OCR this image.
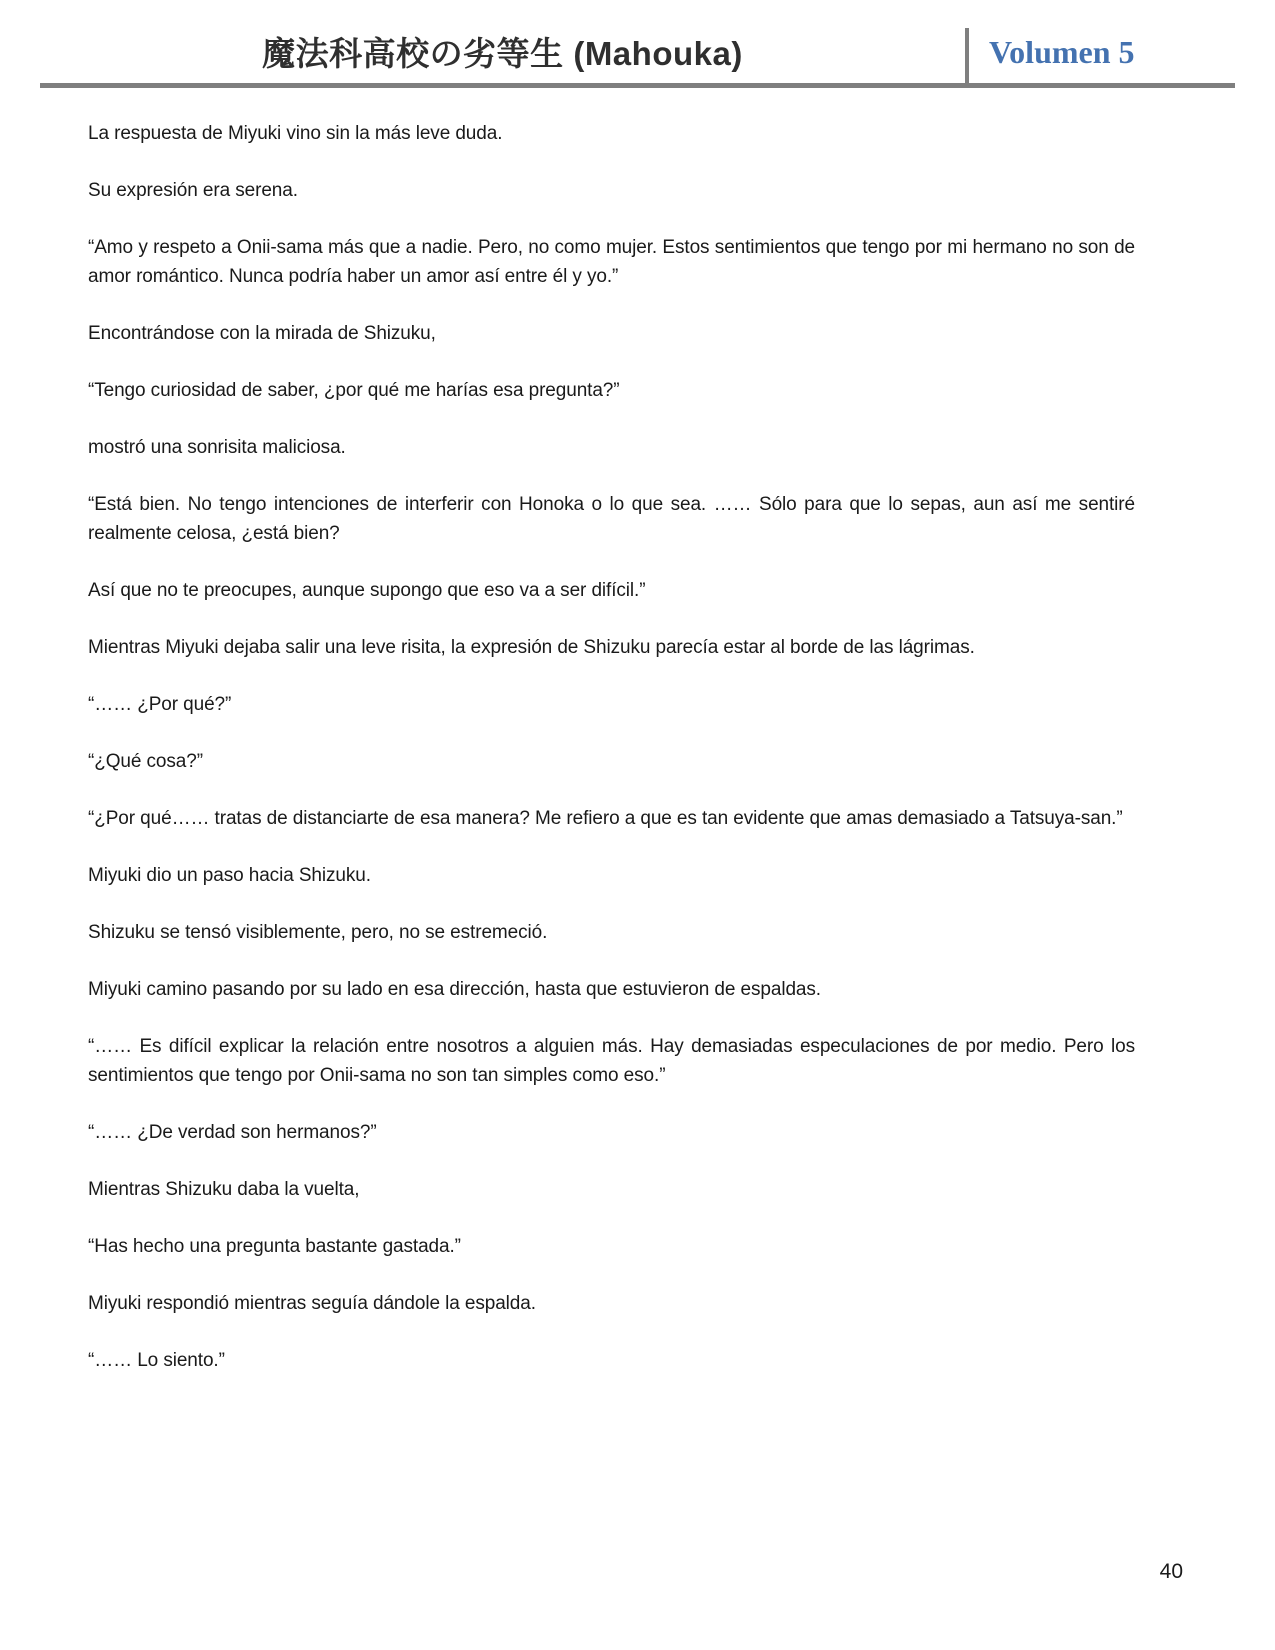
魔法科高校の劣等生 (Mahouka)	Volumen 5

La respuesta de Miyuki vino sin la más leve duda.

Su expresión era serena.

“Amo y respeto a Onii-sama más que a nadie. Pero, no como mujer. Estos sentimientos que tengo por mi hermano no son de amor romántico. Nunca podría haber un amor así entre él y yo.”

Encontrándose con la mirada de Shizuku,

“Tengo curiosidad de saber, ¿por qué me harías esa pregunta?”

mostró una sonrisita maliciosa.

“Está bien. No tengo intenciones de interferir con Honoka o lo que sea. …… Sólo para que lo sepas, aun así me sentiré realmente celosa, ¿está bien?

Así que no te preocupes, aunque supongo que eso va a ser difícil.”

Mientras Miyuki dejaba salir una leve risita, la expresión de Shizuku parecía estar al borde de las lágrimas.

“…… ¿Por qué?”

“¿Qué cosa?”

“¿Por qué…… tratas de distanciarte de esa manera? Me refiero a que es tan evidente que amas demasiado a Tatsuya-san.”

Miyuki dio un paso hacia Shizuku.

Shizuku se tensó visiblemente, pero, no se estremeció.

Miyuki camino pasando por su lado en esa dirección, hasta que estuvieron de espaldas.

“…… Es difícil explicar la relación entre nosotros a alguien más. Hay demasiadas especulaciones de por medio. Pero los sentimientos que tengo por Onii-sama no son tan simples como eso.”

“…… ¿De verdad son hermanos?”

Mientras Shizuku daba la vuelta,

“Has hecho una pregunta bastante gastada.”

Miyuki respondió mientras seguía dándole la espalda.

“…… Lo siento.”

40
